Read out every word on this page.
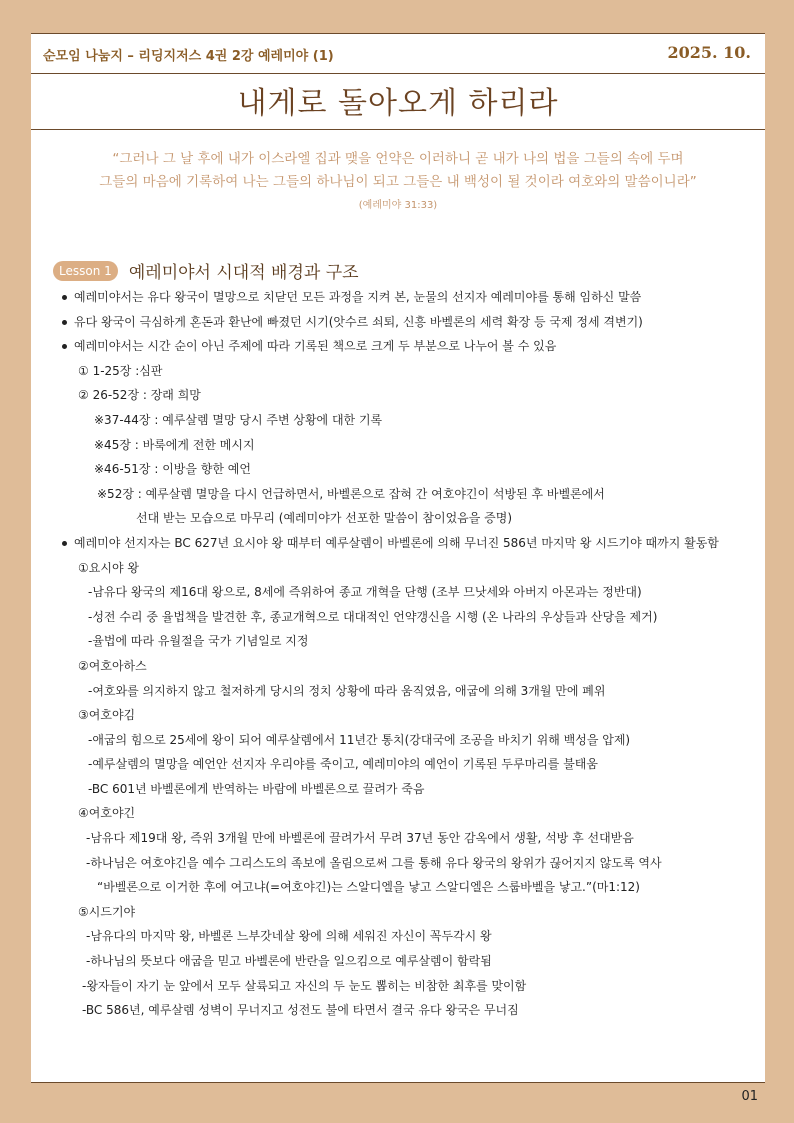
순모임 나눔지 – 리딩지저스 4권 2강 예레미야 (1)	2025. 10.
내게로 돌아오게 하리라
“그러나 그 날 후에 내가 이스라엘 집과 맺을 언약은 이러하니 곧 내가 나의 법을 그들의 속에 두며
그들의 마음에 기록하여 나는 그들의 하나님이 되고 그들은 내 백성이 될 것이라 여호와의 말씀이니라”
(예레미야 31:33)
Lesson 1 예레미야서 시대적 배경과 구조
예레미야서는 유다 왕국이 멸망으로 치닫던 모든 과정을 지켜 본, 눈물의 선지자 예레미야를 통해 임하신 말씀
유다 왕국이 극심하게 혼돈과 환난에 빠졌던 시기(앗수르 쇠퇴, 신흥 바벨론의 세력 확장 등 국제 정세 격변기)
예레미야서는 시간 순이 아닌 주제에 따라 기록된 책으로 크게 두 부분으로 나누어 볼 수 있음
① 1-25장 :심판
② 26-52장 : 장래 희망
※37-44장 : 예루살렘 멸망 당시 주변 상황에 대한 기록
※45장 : 바룩에게 전한 메시지
※46-51장 : 이방을 향한 예언
※52장 : 예루살렘 멸망을 다시 언급하면서, 바벨론으로 잡혀 간 여호야긴이 석방된 후 바벨론에서
선대 받는 모습으로 마무리 (예레미야가 선포한 말씀이 참이었음을 증명)
예레미야 선지자는 BC 627년 요시야 왕 때부터 예루살렘이 바벨론에 의해 무너진 586년 마지막 왕 시드기야 때까지 활동함
①요시야 왕
-남유다 왕국의 제16대 왕으로, 8세에 즉위하여 종교 개혁을 단행 (조부 므낫세와 아버지 아몬과는 정반대)
-성전 수리 중 율법책을 발견한 후, 종교개혁으로 대대적인 언약갱신을 시행 (온 나라의 우상들과 산당을 제거)
-율법에 따라 유월절을 국가 기념일로 지정
②여호아하스
-여호와를 의지하지 않고 철저하게 당시의 정치 상황에 따라 움직였음, 애굽에 의해 3개월 만에 폐위
③여호야김
-애굽의 힘으로 25세에 왕이 되어 예루살렘에서 11년간 통치(강대국에 조공을 바치기 위해 백성을 압제)
-예루살렘의 멸망을 예언안 선지자 우리야를 죽이고, 예레미야의 예언이 기록된 두루마리를 불태움
-BC 601년 바벨론에게 반역하는 바람에 바벨론으로 끌려가 죽음
④여호야긴
-남유다 제19대 왕, 즉위 3개월 만에 바벨론에 끌려가서 무려 37년 동안 감옥에서 생활, 석방 후 선대받음
-하나님은 여호야긴을 예수 그리스도의 족보에 올림으로써 그를 통해 유다 왕국의 왕위가 끊어지지 않도록 역사
“바벨론으로 이거한 후에 여고냐(=여호야긴)는 스알디엘을 낳고 스알디엘은 스룹바벨을 낳고.”(마1:12)
⑤시드기야
-남유다의 마지막 왕, 바벨론 느부갓네살 왕에 의해 세워진 자신이 꼭두각시 왕
-하나님의 뜻보다 애굽을 믿고 바벨론에 반란을 일으킴으로 예루살렘이 함락됨
-왕자들이 자기 눈 앞에서 모두 살륙되고 자신의 두 눈도 뽑히는 비참한 최후를 맞이함
-BC 586년, 예루살렘 성벽이 무너지고 성전도 불에 타면서 결국 유다 왕국은 무너짐
01
